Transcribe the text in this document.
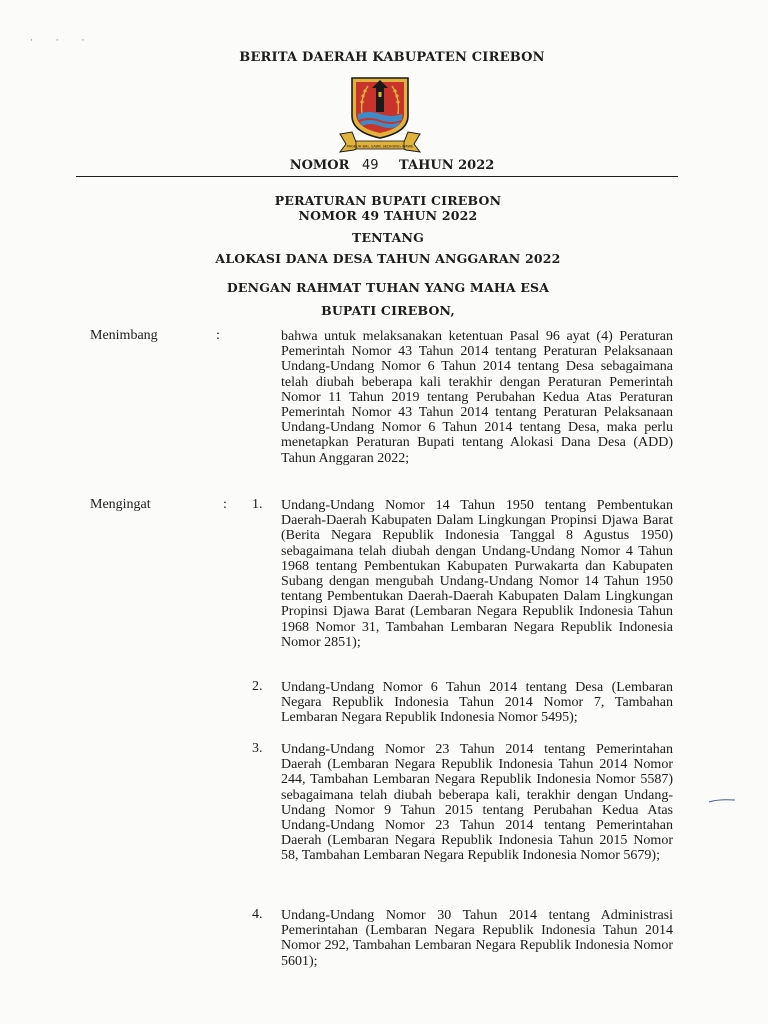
· · ·
BERITA DAERAH KABUPATEN CIREBON
PAGEUH BAL GAWE SEDHUNG WAWE
NOMOR 49 TAHUN 2022
PERATURAN BUPATI CIREBON
NOMOR 49 TAHUN 2022
TENTANG
ALOKASI DANA DESA TAHUN ANGGARAN 2022
DENGAN RAHMAT TUHAN YANG MAHA ESA
BUPATI CIREBON,
Menimbang	:	bahwa untuk melaksanakan ketentuan Pasal 96 ayat (4) Peraturan Pemerintah Nomor 43 Tahun 2014 tentang Peraturan Pelaksanaan Undang-Undang Nomor 6 Tahun 2014 tentang Desa sebagaimana telah diubah beberapa kali terakhir dengan Peraturan Pemerintah Nomor 11 Tahun 2019 tentang Perubahan Kedua Atas Peraturan Pemerintah Nomor 43 Tahun 2014 tentang Peraturan Pelaksanaan Undang-Undang Nomor 6 Tahun 2014 tentang Desa, maka perlu menetapkan Peraturan Bupati tentang Alokasi Dana Desa (ADD) Tahun Anggaran 2022;
Mengingat	: 1.	Undang-Undang Nomor 14 Tahun 1950 tentang Pembentukan Daerah-Daerah Kabupaten Dalam Lingkungan Propinsi Djawa Barat (Berita Negara Republik Indonesia Tanggal 8 Agustus 1950) sebagaimana telah diubah dengan Undang-Undang Nomor 4 Tahun 1968 tentang Pembentukan Kabupaten Purwakarta dan Kabupaten Subang dengan mengubah Undang-Undang Nomor 14 Tahun 1950 tentang Pembentukan Daerah-Daerah Kabupaten Dalam Lingkungan Propinsi Djawa Barat (Lembaran Negara Republik Indonesia Tahun 1968 Nomor 31, Tambahan Lembaran Negara Republik Indonesia Nomor 2851);
2.	Undang-Undang Nomor 6 Tahun 2014 tentang Desa (Lembaran Negara Republik Indonesia Tahun 2014 Nomor 7, Tambahan Lembaran Negara Republik Indonesia Nomor 5495);
3.	Undang-Undang Nomor 23 Tahun 2014 tentang Pemerintahan Daerah (Lembaran Negara Republik Indonesia Tahun 2014 Nomor 244, Tambahan Lembaran Negara Republik Indonesia Nomor 5587) sebagaimana telah diubah beberapa kali, terakhir dengan Undang-Undang Nomor 9 Tahun 2015 tentang Perubahan Kedua Atas Undang-Undang Nomor 23 Tahun 2014 tentang Pemerintahan Daerah (Lembaran Negara Republik Indonesia Tahun 2015 Nomor 58, Tambahan Lembaran Negara Republik Indonesia Nomor 5679);
4.	Undang-Undang Nomor 30 Tahun 2014 tentang Administrasi Pemerintahan (Lembaran Negara Republik Indonesia Tahun 2014 Nomor 292, Tambahan Lembaran Negara Republik Indonesia Nomor 5601);
